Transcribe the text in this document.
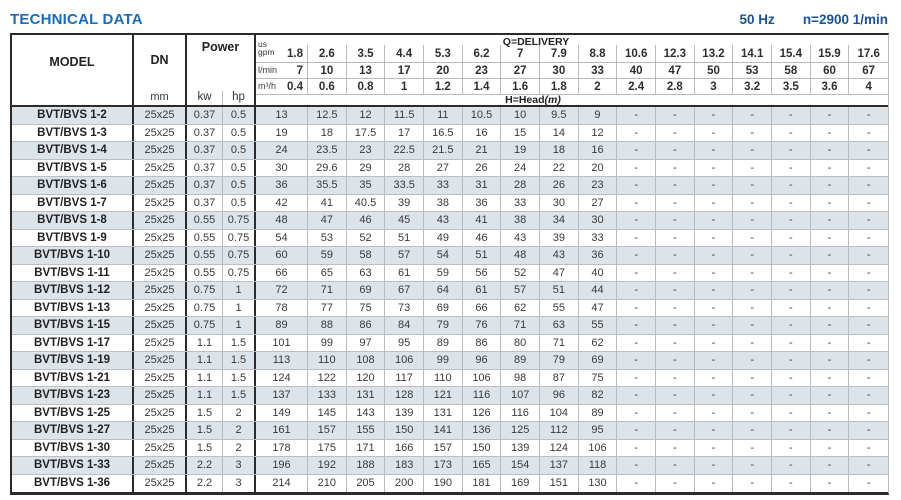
TECHNICAL DATA	50 Hz n=2900 1/min
MODEL	DN
mm
Power
kw	hp
Q=DELIVERY
us
gpm 1.8	2.6	3.5	4.4	5.3	6.2	7	7.9	8.8	10.6	12.3	13.2	14.1	15.4	15.9	17.6
l/min 7	10	13	17	20	23	27	30	33	40	47	50	53	58	60	67
m³/h 0.4	0.6	0.8	1	1.2	1.4	1.6	1.8	2	2.4	2.8	3	3.2	3.5	3.6	4
H=Head(m)
BVT/BVS 1-2	25x25	0.37	0.5	13	12.5	12	11.5	11	10.5	10	9.5	9	-	-	-	-	-	-	-
BVT/BVS 1-3	25x25	0.37	0.5	19	18	17.5	17	16.5	16	15	14	12	-	-	-	-	-	-	-
BVT/BVS 1-4	25x25	0.37	0.5	24	23.5	23	22.5	21.5	21	19	18	16	-	-	-	-	-	-	-
BVT/BVS 1-5	25x25	0.37	0.5	30	29.6	29	28	27	26	24	22	20	-	-	-	-	-	-	-
BVT/BVS 1-6	25x25	0.37	0.5	36	35.5	35	33.5	33	31	28	26	23	-	-	-	-	-	-	-
BVT/BVS 1-7	25x25	0.37	0.5	42	41	40.5	39	38	36	33	30	27	-	-	-	-	-	-	-
BVT/BVS 1-8	25x25	0.55	0.75	48	47	46	45	43	41	38	34	30	-	-	-	-	-	-	-
BVT/BVS 1-9	25x25	0.55	0.75	54	53	52	51	49	46	43	39	33	-	-	-	-	-	-	-
BVT/BVS 1-10	25x25	0.55	0.75	60	59	58	57	54	51	48	43	36	-	-	-	-	-	-	-
BVT/BVS 1-11	25x25	0.55	0.75	66	65	63	61	59	56	52	47	40	-	-	-	-	-	-	-
BVT/BVS 1-12	25x25	0.75	1	72	71	69	67	64	61	57	51	44	-	-	-	-	-	-	-
BVT/BVS 1-13	25x25	0.75	1	78	77	75	73	69	66	62	55	47	-	-	-	-	-	-	-
BVT/BVS 1-15	25x25	0.75	1	89	88	86	84	79	76	71	63	55	-	-	-	-	-	-	-
BVT/BVS 1-17	25x25	1.1	1.5	101	99	97	95	89	86	80	71	62	-	-	-	-	-	-	-
BVT/BVS 1-19	25x25	1.1	1.5	113	110	108	106	99	96	89	79	69	-	-	-	-	-	-	-
BVT/BVS 1-21	25x25	1.1	1.5	124	122	120	117	110	106	98	87	75	-	-	-	-	-	-	-
BVT/BVS 1-23	25x25	1.1	1.5	137	133	131	128	121	116	107	96	82	-	-	-	-	-	-	-
BVT/BVS 1-25	25x25	1.5	2	149	145	143	139	131	126	116	104	89	-	-	-	-	-	-	-
BVT/BVS 1-27	25x25	1.5	2	161	157	155	150	141	136	125	112	95	-	-	-	-	-	-	-
BVT/BVS 1-30	25x25	1.5	2	178	175	171	166	157	150	139	124	106	-	-	-	-	-	-	-
BVT/BVS 1-33	25x25	2.2	3	196	192	188	183	173	165	154	137	118	-	-	-	-	-	-	-
BVT/BVS 1-36	25x25	2.2	3	214	210	205	200	190	181	169	151	130	-	-	-	-	-	-	-
